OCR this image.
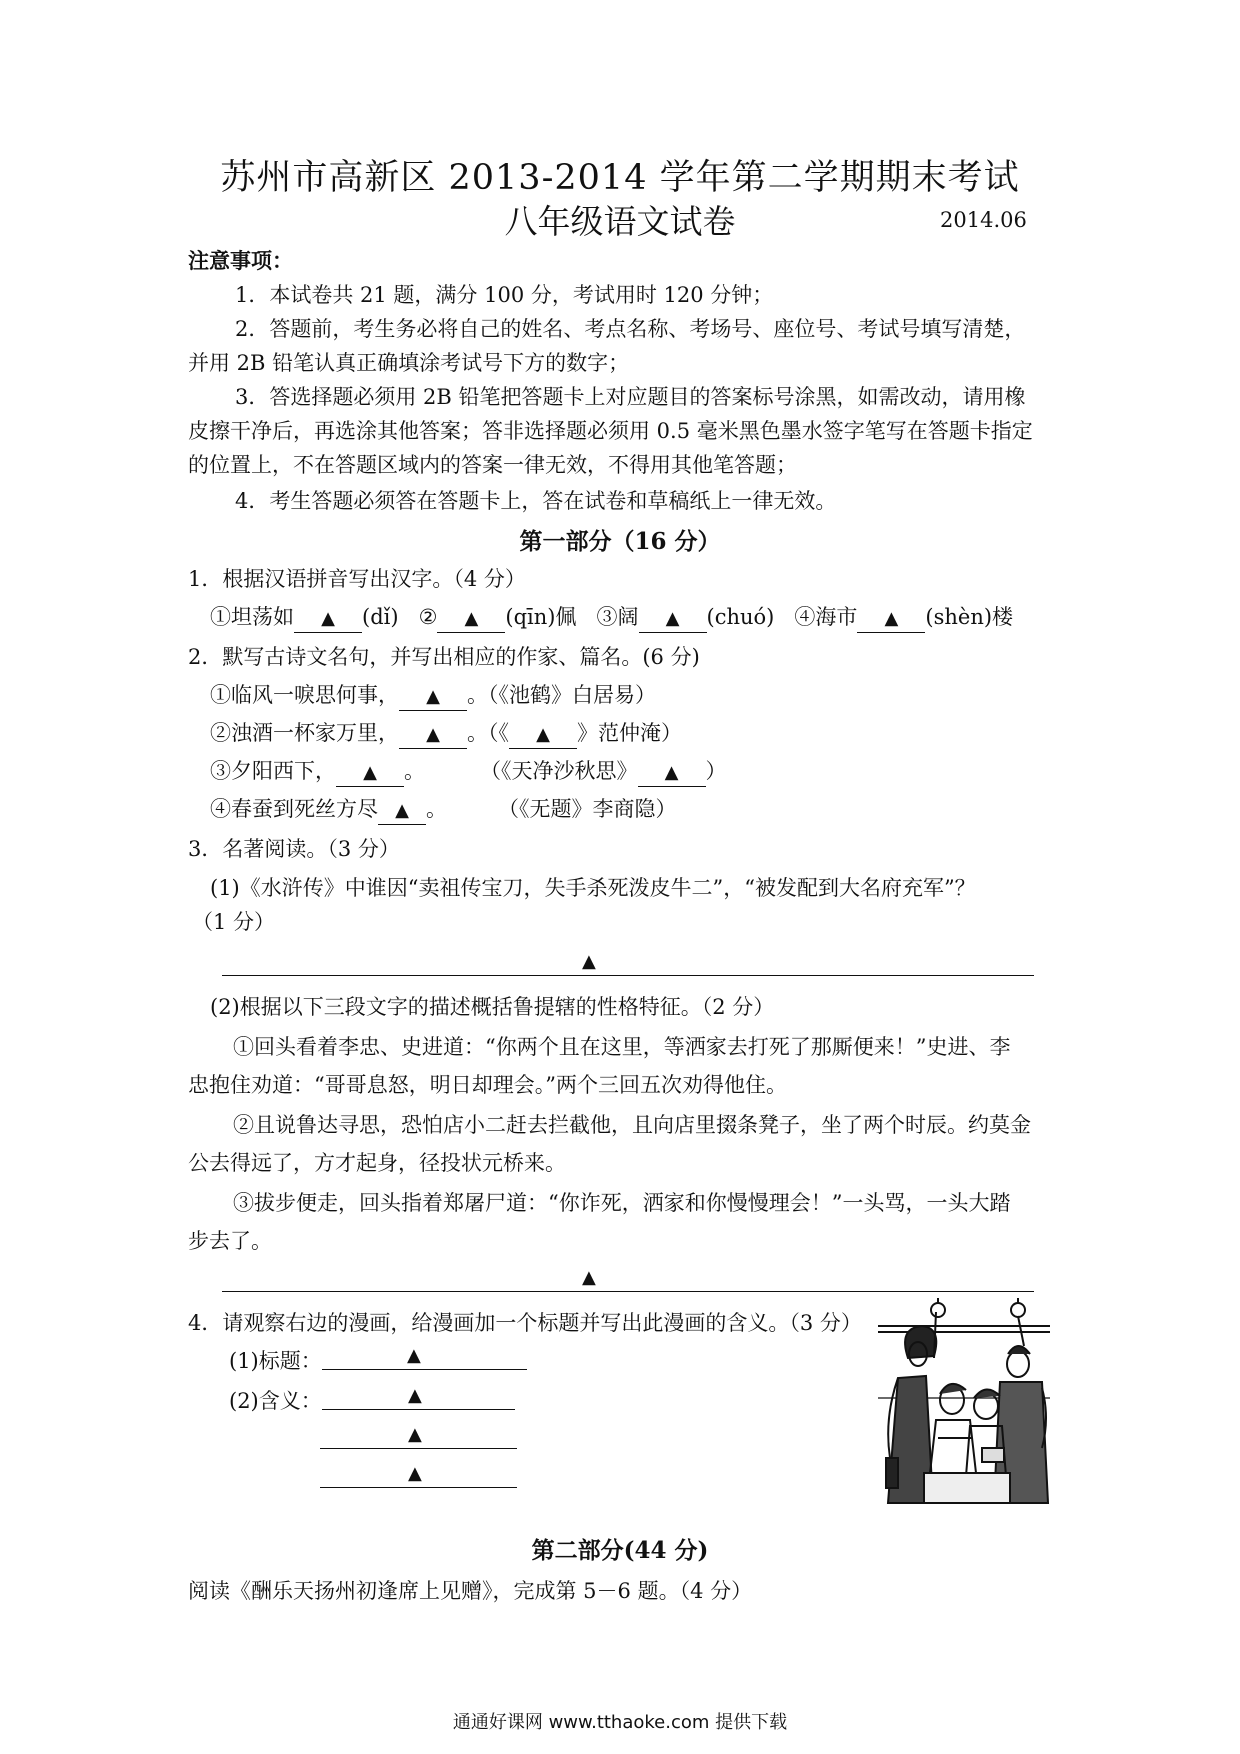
苏州市高新区 2013-2014 学年第二学期期末考试
八年级语文试卷	2014.06
注意事项：
1．本试卷共 21 题，满分 100 分，考试用时 120 分钟；
2．答题前，考生务必将自己的姓名、考点名称、考场号、座位号、考试号填写清楚，
并用 2B 铅笔认真正确填涂考试号下方的数字；
3．答选择题必须用 2B 铅笔把答题卡上对应题目的答案标号涂黑，如需改动，请用橡
皮擦干净后，再选涂其他答案；答非选择题必须用 0.5 毫米黑色墨水签字笔写在答题卡指定
的位置上，不在答题区域内的答案一律无效，不得用其他笔答题；
4．考生答题必须答在答题卡上，答在试卷和草稿纸上一律无效。
第一部分（16 分）
1．根据汉语拼音写出汉字。（4 分）
①坦荡如 ▲ (dǐ) ② ▲ (qīn)佩 ③阔 ▲ (chuó) ④海市 ▲ (shèn)楼
2．默写古诗文名句，并写出相应的作家、篇名。(6 分)
①临风一唳思何事， ▲ 。（《池鹤》白居易）
②浊酒一杯家万里， ▲ 。（《 ▲ 》范仲淹）
③夕阳西下， ▲ 。	（《天净沙秋思》 ▲ ）
④春蚕到死丝方尽 ▲ 。 （《无题》李商隐）
3．名著阅读。（3 分）
(1)《水浒传》中谁因“卖祖传宝刀，失手杀死泼皮牛二”，“被发配到大名府充军”？
（1 分）
▲
(2)根据以下三段文字的描述概括鲁提辖的性格特征。（2 分）
①回头看着李忠、史进道：“你两个且在这里，等洒家去打死了那厮便来！”史进、李
忠抱住劝道：“哥哥息怒，明日却理会。”两个三回五次劝得他住。
②且说鲁达寻思，恐怕店小二赶去拦截他，且向店里掇条凳子，坐了两个时辰。约莫金
公去得远了，方才起身，径投状元桥来。
③拔步便走，回头指着郑屠尸道：“你诈死，洒家和你慢慢理会！”一头骂，一头大踏
步去了。
▲
4．请观察右边的漫画，给漫画加一个标题并写出此漫画的含义。（3 分）
(1)标题：	▲
(2)含义：	▲
▲
▲
第二部分(44 分)
阅读《酬乐天扬州初逢席上见赠》，完成第 5－6 题。（4 分）
通通好课网 www.tthaoke.com 提供下载
